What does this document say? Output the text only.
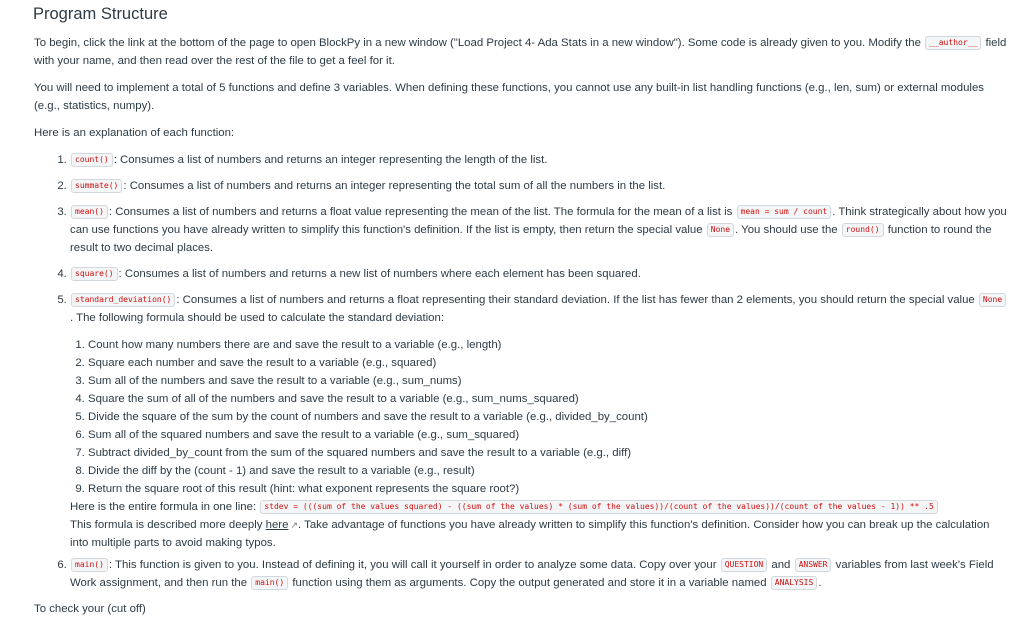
Program Structure

To begin, click the link at the bottom of the page to open BlockPy in a new window ("Load Project 4- Ada Stats in a new window"). Some code is already given to you. Modify the __author__ field with your name, and then read over the rest of the file to get a feel for it.

You will need to implement a total of 5 functions and define 3 variables. When defining these functions, you cannot use any built-in list handling functions (e.g., len, sum) or external modules (e.g., statistics, numpy).

Here is an explanation of each function:

1. count() : Consumes a list of numbers and returns an integer representing the length of the list.
2. summate() : Consumes a list of numbers and returns an integer representing the total sum of all the numbers in the list.
3. mean() : Consumes a list of numbers and returns a float value representing the mean of the list. The formula for the mean of a list is mean = sum / count . Think strategically about how you can use functions you have already written to simplify this function's definition. If the list is empty, then return the special value None . You should use the round() function to round the result to two decimal places.
4. square() : Consumes a list of numbers and returns a new list of numbers where each element has been squared.
5. standard_deviation() : Consumes a list of numbers and returns a float representing their standard deviation. If the list has fewer than 2 elements, you should return the special value None. The following formula should be used to calculate the standard deviation:
1. Count how many numbers there are and save the result to a variable (e.g., length)
2. Square each number and save the result to a variable (e.g., squared)
3. Sum all of the numbers and save the result to a variable (e.g., sum_nums)
4. Square the sum of all of the numbers and save the result to a variable (e.g., sum_nums_squared)
5. Divide the square of the sum by the count of numbers and save the result to a variable (e.g., divided_by_count)
6. Sum all of the squared numbers and save the result to a variable (e.g., sum_squared)
7. Subtract divided_by_count from the sum of the squared numbers and save the result to a variable (e.g., diff)
8. Divide the diff by the (count - 1) and save the result to a variable (e.g., result)
9. Return the square root of this result (hint: what exponent represents the square root?)

Here is the entire formula in one line: stdev = (((sum of the values squared) - ((sum of the values) * (sum of the values))/(count of the values))/(count of the values - 1)) ** .5

This formula is described more deeply here ↗. Take advantage of functions you have already written to simplify this function's definition. Consider how you can break up the calculation into multiple parts to avoid making typos.

6. main() : This function is given to you. Instead of defining it, you will call it yourself in order to analyze some data. Copy over your QUESTION and ANSWER variables from last week's Field Work assignment, and then run the main() function using them as arguments. Copy the output generated and store it in a variable named ANALYSIS .
To check your (cut off)
